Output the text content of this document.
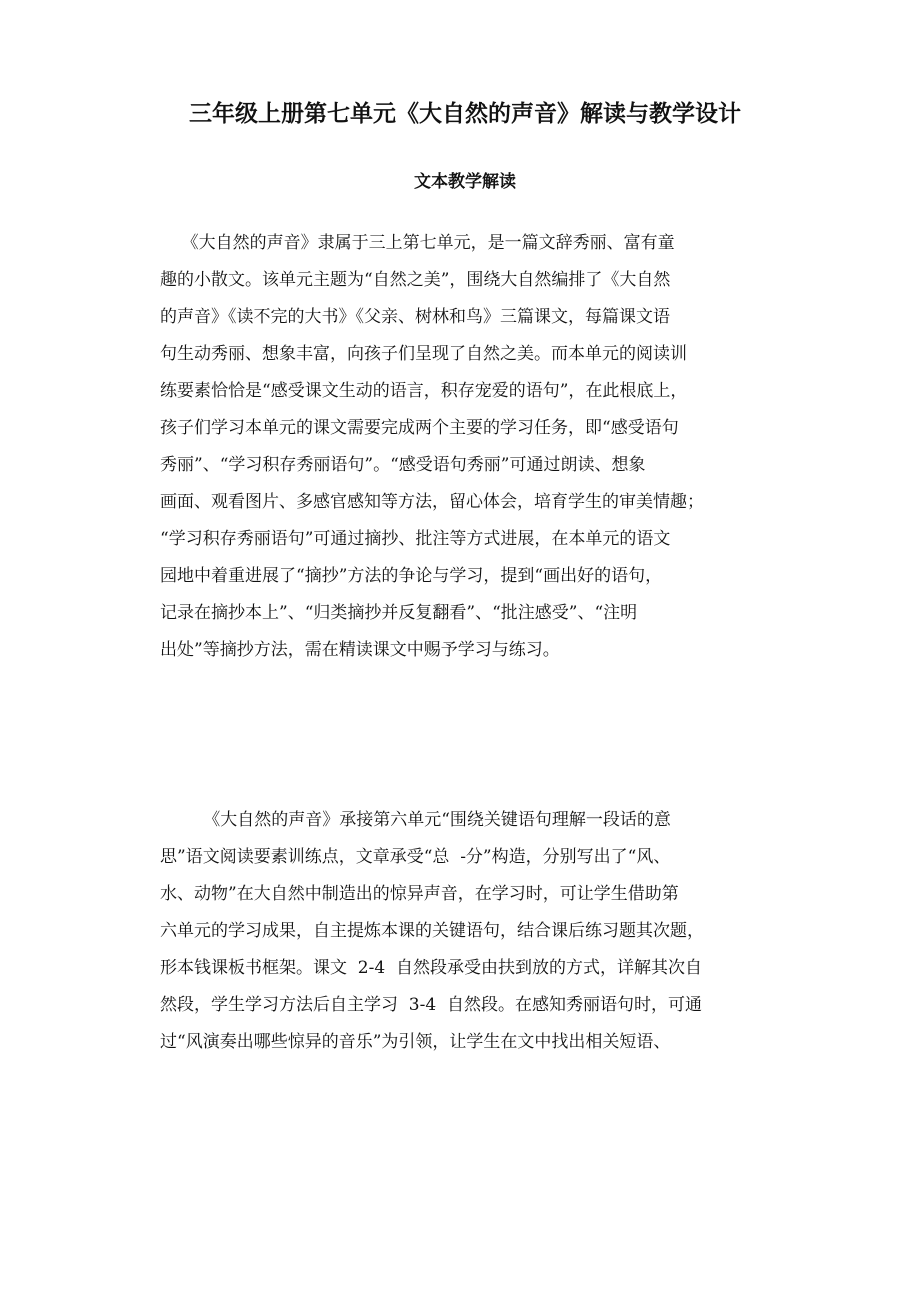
三年级上册第七单元《大自然的声音》解读与教学设计
文本教学解读
《大自然的声音》隶属于三上第七单元，是一篇文辞秀丽、富有童
趣的小散文。该单元主题为“自然之美”，围绕大自然编排了《大自然
的声音》《读不完的大书》《父亲、树林和鸟》三篇课文，每篇课文语
句生动秀丽、想象丰富，向孩子们呈现了自然之美。而本单元的阅读训
练要素恰恰是“感受课文生动的语言，积存宠爱的语句”，在此根底上，
孩子们学习本单元的课文需要完成两个主要的学习任务，即“感受语句
秀丽”、“学习积存秀丽语句”。“感受语句秀丽”可通过朗读、想象
画面、观看图片、多感官感知等方法，留心体会，培育学生的审美情趣；
“学习积存秀丽语句”可通过摘抄、批注等方式进展，在本单元的语文
园地中着重进展了“摘抄”方法的争论与学习，提到“画出好的语句，
记录在摘抄本上”、“归类摘抄并反复翻看”、“批注感受”、“注明
出处”等摘抄方法，需在精读课文中赐予学习与练习。
《大自然的声音》承接第六单元“围绕关键语句理解一段话的意
思”语文阅读要素训练点，文章承受“总  -分”构造，分别写出了“风、
水、动物”在大自然中制造出的惊异声音，在学习时，可让学生借助第
六单元的学习成果，自主提炼本课的关键语句，结合课后练习题其次题，
形本钱课板书框架。课文  2-4  自然段承受由扶到放的方式，详解其次自
然段，学生学习方法后自主学习  3-4  自然段。在感知秀丽语句时，可通
过“风演奏出哪些惊异的音乐”为引领，让学生在文中找出相关短语、
